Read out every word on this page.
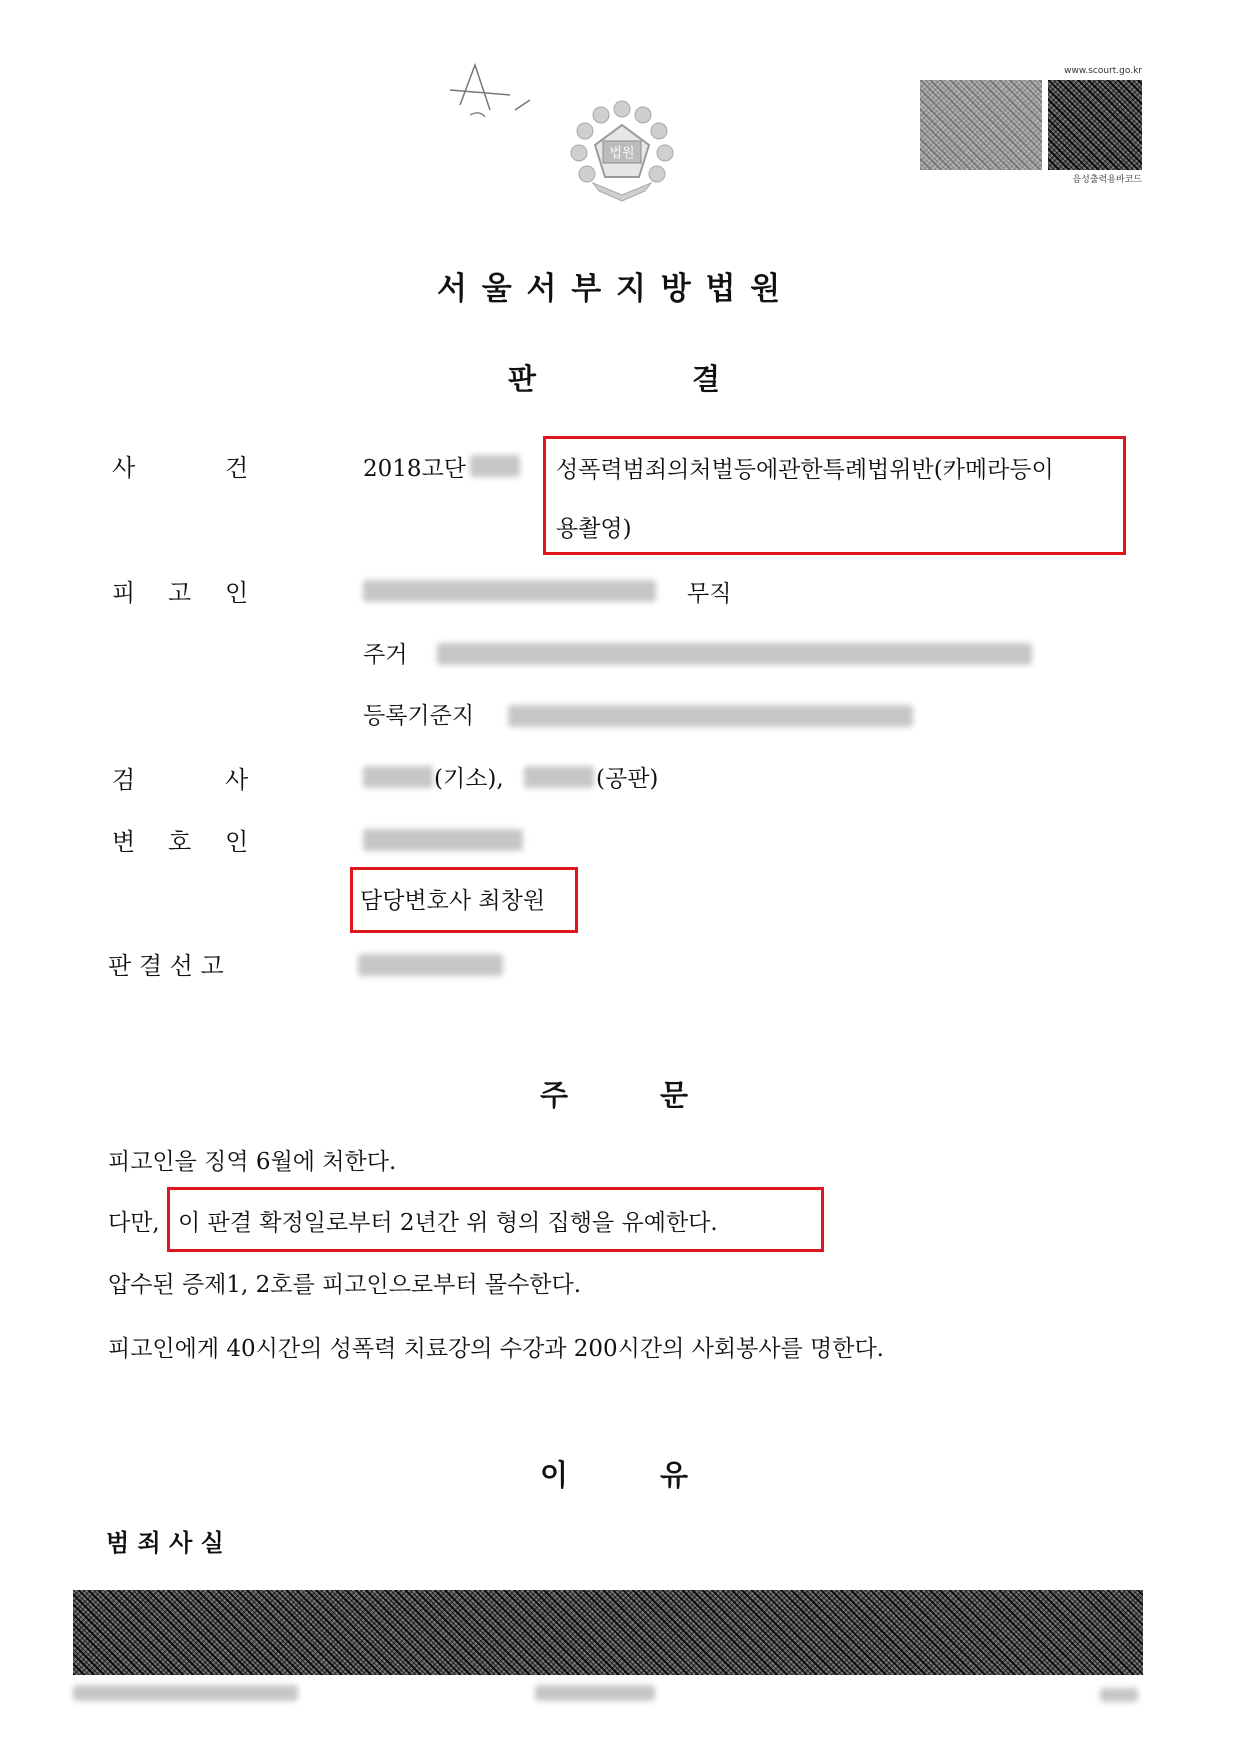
법원
www.scourt.go.kr
음성출력용바코드
서 울 서 부 지 방 법 원
판	결
사	건	2018고단	성폭력범죄의처벌등에관한특례법위반(카메라등이
용촬영)
피 고 인	무직
주거
등록기준지
검	사	(기소),	(공판)
변 호 인
담당변호사 최창원
판 결 선 고
주	문
피고인을 징역 6월에 처한다.
다만, 이 판결 확정일로부터 2년간 위 형의 집행을 유예한다.
압수된 증제1, 2호를 피고인으로부터 몰수한다.
피고인에게 40시간의 성폭력 치료강의 수강과 200시간의 사회봉사를 명한다.
이	유
범 죄 사 실
